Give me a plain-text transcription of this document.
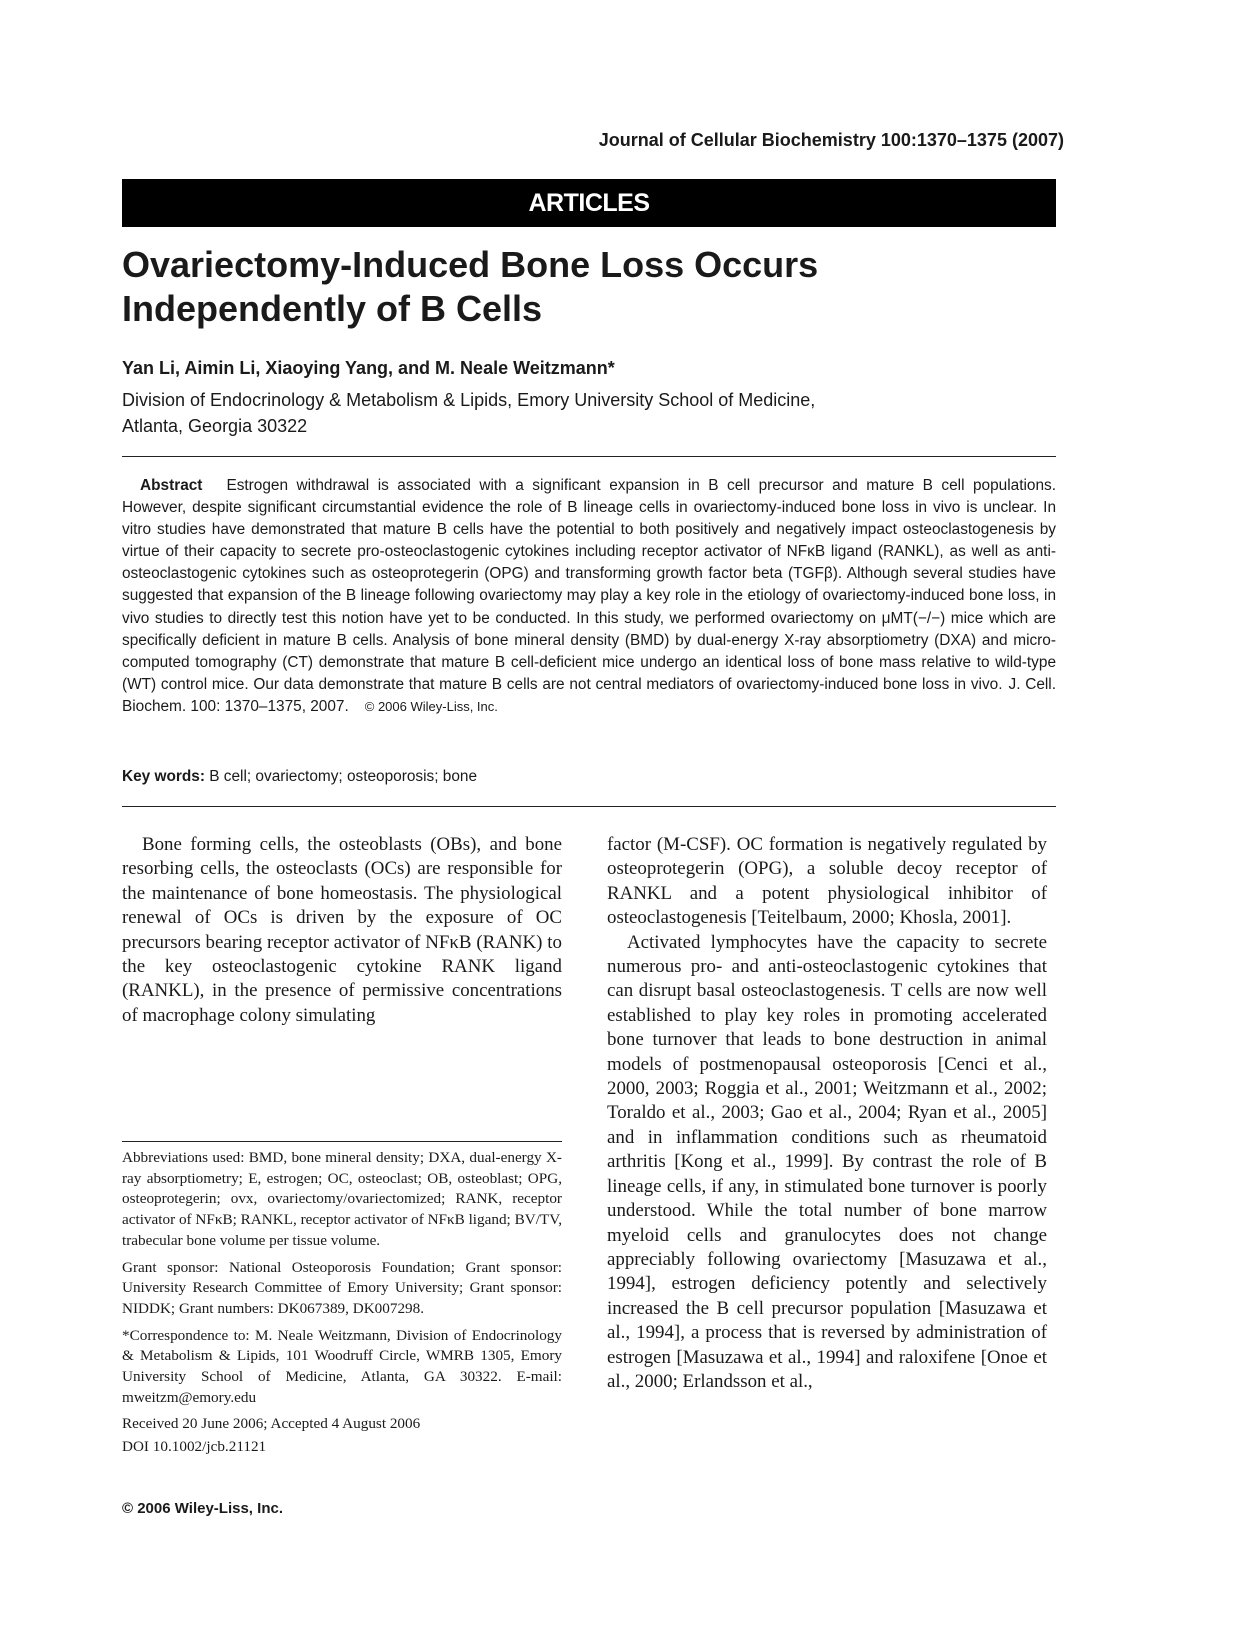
Journal of Cellular Biochemistry 100:1370–1375 (2007)
ARTICLES
Ovariectomy-Induced Bone Loss Occurs
Independently of B Cells
Yan Li, Aimin Li, Xiaoying Yang, and M. Neale Weitzmann*
Division of Endocrinology & Metabolism & Lipids, Emory University School of Medicine,
Atlanta, Georgia 30322
Abstract Estrogen withdrawal is associated with a significant expansion in B cell precursor and mature B cell populations. However, despite significant circumstantial evidence the role of B lineage cells in ovariectomy-induced bone loss in vivo is unclear. In vitro studies have demonstrated that mature B cells have the potential to both positively and negatively impact osteoclastogenesis by virtue of their capacity to secrete pro-osteoclastogenic cytokines including receptor activator of NFκB ligand (RANKL), as well as anti-osteoclastogenic cytokines such as osteoprotegerin (OPG) and transforming growth factor beta (TGFβ). Although several studies have suggested that expansion of the B lineage following ovariectomy may play a key role in the etiology of ovariectomy-induced bone loss, in vivo studies to directly test this notion have yet to be conducted. In this study, we performed ovariectomy on μMT(−/−) mice which are specifically deficient in mature B cells. Analysis of bone mineral density (BMD) by dual-energy X-ray absorptiometry (DXA) and micro-computed tomography (CT) demonstrate that mature B cell-deficient mice undergo an identical loss of bone mass relative to wild-type (WT) control mice. Our data demonstrate that mature B cells are not central mediators of ovariectomy-induced bone loss in vivo. J. Cell. Biochem. 100: 1370–1375, 2007. © 2006 Wiley-Liss, Inc.
Key words: B cell; ovariectomy; osteoporosis; bone

Bone forming cells, the osteoblasts (OBs), and bone resorbing cells, the osteoclasts (OCs) are responsible for the maintenance of bone homeostasis. The physiological renewal of OCs is driven by the exposure of OC precursors bearing receptor activator of NFκB (RANK) to the key osteoclastogenic cytokine RANK ligand (RANKL), in the presence of permissive concentrations of macrophage colony simulating

factor (M-CSF). OC formation is negatively regulated by osteoprotegerin (OPG), a soluble decoy receptor of RANKL and a potent physiological inhibitor of osteoclastogenesis [Teitelbaum, 2000; Khosla, 2001].

Activated lymphocytes have the capacity to secrete numerous pro- and anti-osteoclastogenic cytokines that can disrupt basal osteoclastogenesis. T cells are now well established to play key roles in promoting accelerated bone turnover that leads to bone destruction in animal models of postmenopausal osteoporosis [Cenci et al., 2000, 2003; Roggia et al., 2001; Weitzmann et al., 2002; Toraldo et al., 2003; Gao et al., 2004; Ryan et al., 2005] and in inflammation conditions such as rheumatoid arthritis [Kong et al., 1999]. By contrast the role of B lineage cells, if any, in stimulated bone turnover is poorly understood. While the total number of bone marrow myeloid cells and granulocytes does not change appreciably following ovariectomy [Masuzawa et al., 1994], estrogen deficiency potently and selectively increased the B cell precursor population [Masuzawa et al., 1994], a process that is reversed by administration of estrogen [Masuzawa et al., 1994] and raloxifene [Onoe et al., 2000; Erlandsson et al.,

Abbreviations used: BMD, bone mineral density; DXA, dual-energy X-ray absorptiometry; E, estrogen; OC, osteoclast; OB, osteoblast; OPG, osteoprotegerin; ovx, ovariectomy/ovariectomized; RANK, receptor activator of NFκB; RANKL, receptor activator of NFκB ligand; BV/TV, trabecular bone volume per tissue volume.

Grant sponsor: National Osteoporosis Foundation; Grant sponsor: University Research Committee of Emory University; Grant sponsor: NIDDK; Grant numbers: DK067389, DK007298.

*Correspondence to: M. Neale Weitzmann, Division of Endocrinology & Metabolism & Lipids, 101 Woodruff Circle, WMRB 1305, Emory University School of Medicine, Atlanta, GA 30322. E-mail: mweitzm@emory.edu

Received 20 June 2006; Accepted 4 August 2006

DOI 10.1002/jcb.21121

© 2006 Wiley-Liss, Inc.
